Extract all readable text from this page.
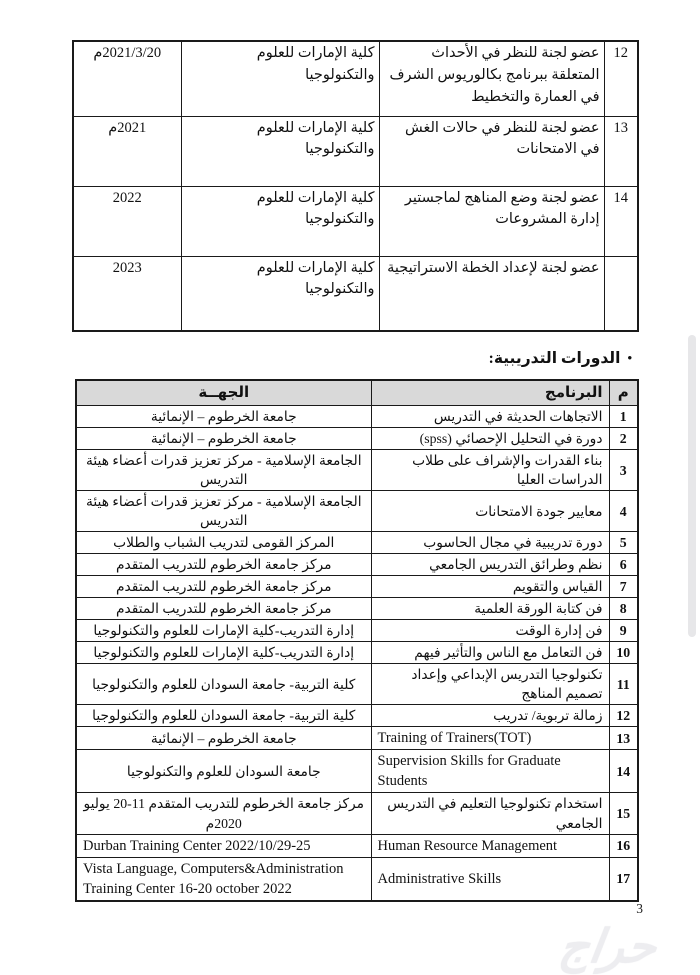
12	عضو لجنة للنظر في الأحداث المتعلقة ببرنامج بكالوريوس الشرف في العمارة والتخطيط	كلية الإمارات للعلوم والتكنولوجيا	2021/3/20م
13	عضو لجنة للنظر في حالات الغش في الامتحانات	كلية الإمارات للعلوم والتكنولوجيا	2021م
14	عضو لجنة وضع المناهج لماجستير إدارة المشروعات	كلية الإمارات للعلوم والتكنولوجيا	2022
	عضو لجنة لإعداد الخطة الاستراتيجية	كلية الإمارات للعلوم والتكنولوجيا	2023
•الدورات التدريبية:
م	البرنامج	الجهــة
1	الاتجاهات الحديثة في التدريس	جامعة الخرطوم – الإنمائية
2	دورة في التحليل الإحصائي (spss)	جامعة الخرطوم – الإنمائية
3	بناء القدرات والإشراف على طلاب الدراسات العليا	الجامعة الإسلامية - مركز تعزيز قدرات أعضاء هيئة التدريس
4	معايير جودة الامتحانات	الجامعة الإسلامية - مركز تعزيز قدرات أعضاء هيئة التدريس
5	دورة تدريبية في مجال الحاسوب	المركز القومى لتدريب الشباب والطلاب
6	نظم وطرائق التدريس الجامعي	مركز جامعة الخرطوم للتدريب المتقدم
7	القياس والتقويم	مركز جامعة الخرطوم للتدريب المتقدم
8	فن كتابة الورقة العلمية	مركز جامعة الخرطوم للتدريب المتقدم
9	فن إدارة الوقت	إدارة التدريب-كلية الإمارات للعلوم والتكنولوجيا
10	فن التعامل مع الناس والتأثير فيهم	إدارة التدريب-كلية الإمارات للعلوم والتكنولوجيا
11	تكنولوجيا التدريس الإبداعي وإعداد تصميم المناهج	كلية التربية- جامعة السودان للعلوم والتكنولوجيا
12	زمالة تربوية/ تدريب	كلية التربية- جامعة السودان للعلوم والتكنولوجيا
13	Training of Trainers(TOT)	جامعة الخرطوم – الإنمائية
14	Supervision Skills for Graduate Students	جامعة السودان للعلوم والتكنولوجيا
15	استخدام تكنولوجيا التعليم في التدريس الجامعي	مركز جامعة الخرطوم للتدريب المتقدم 11-20 يوليو 2020م
16	Human Resource Management	Durban Training Center 2022/10/29-25
17	Administrative Skills	Vista Language, Computers&Administration Training Center 16-20 october 2022
3
حراج
